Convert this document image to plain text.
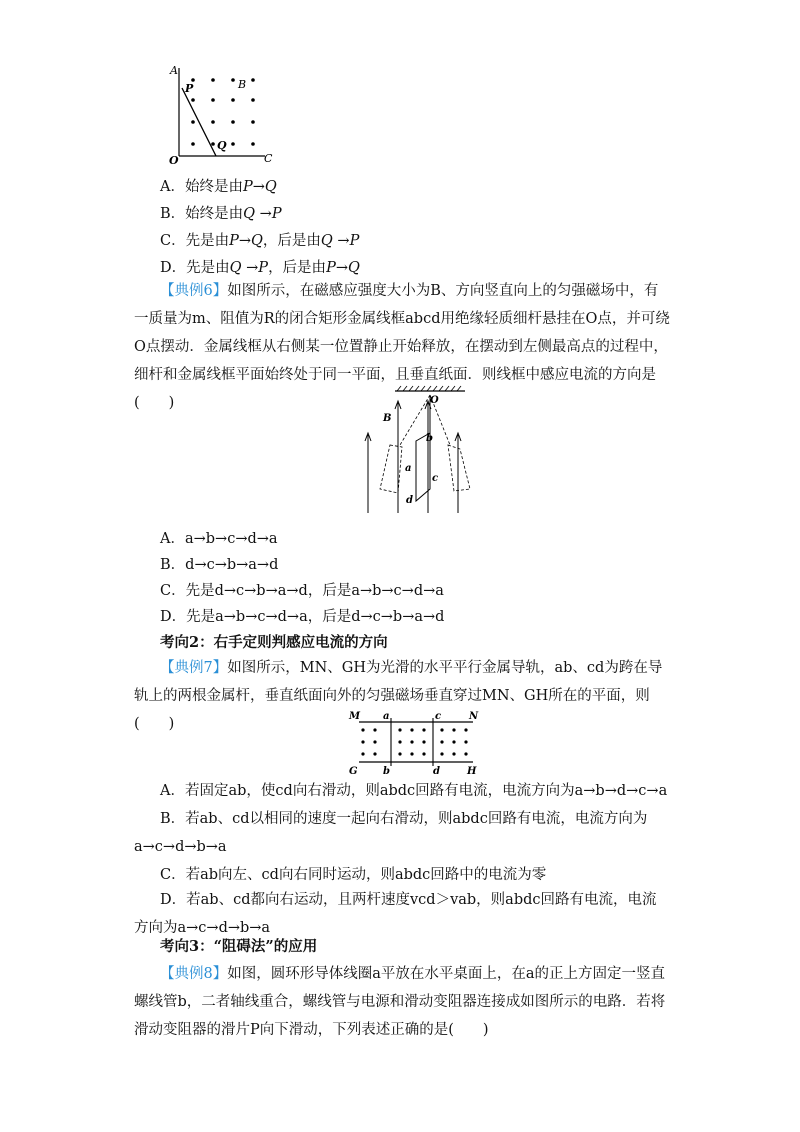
A
P	B
Q
O	C
A．始终是由P→Q
B．始终是由Q →P
C．先是由P→Q，后是由Q →P
D．先是由Q →P，后是由P→Q
【典例6】如图所示，在磁感应强度大小为B、方向竖直向上的匀强磁场中，有一质量为m、阻值为R的闭合矩形金属线框abcd用绝缘轻质细杆悬挂在O点，并可绕O点摆动．金属线框从右侧某一位置静止开始释放，在摆动到左侧最高点的过程中，细杆和金属线框平面始终处于同一平面，且垂直纸面．则线框中感应电流的方向是(　　)	O
B
b
a
c
d
A．a→b→c→d→a
B．d→c→b→a→d
C．先是d→c→b→a→d，后是a→b→c→d→a
D．先是a→b→c→d→a，后是d→c→b→a→d
考向2：右手定则判感应电流的方向
【典例7】如图所示，MN、GH为光滑的水平平行金属导轨，ab、cd为跨在导轨上的两根金属杆，垂直纸面向外的匀强磁场垂直穿过MN、GH所在的平面，则(　　)	M a	c	N
G	b	d	H
A．若固定ab，使cd向右滑动，则abdc回路有电流，电流方向为a→b→d→c→a
B．若ab、cd以相同的速度一起向右滑动，则abdc回路有电流，电流方向为a→c→d→b→a
C．若ab向左、cd向右同时运动，则abdc回路中的电流为零
D．若ab、cd都向右运动，且两杆速度vcd＞vab，则abdc回路有电流，电流方向为a→c→d→b→a
考向3：“阻碍法”的应用
【典例8】如图，圆环形导体线圈a平放在水平桌面上，在a的正上方固定一竖直螺线管b，二者轴线重合，螺线管与电源和滑动变阻器连接成如图所示的电路．若将滑动变阻器的滑片P向下滑动，下列表述正确的是(　　)
